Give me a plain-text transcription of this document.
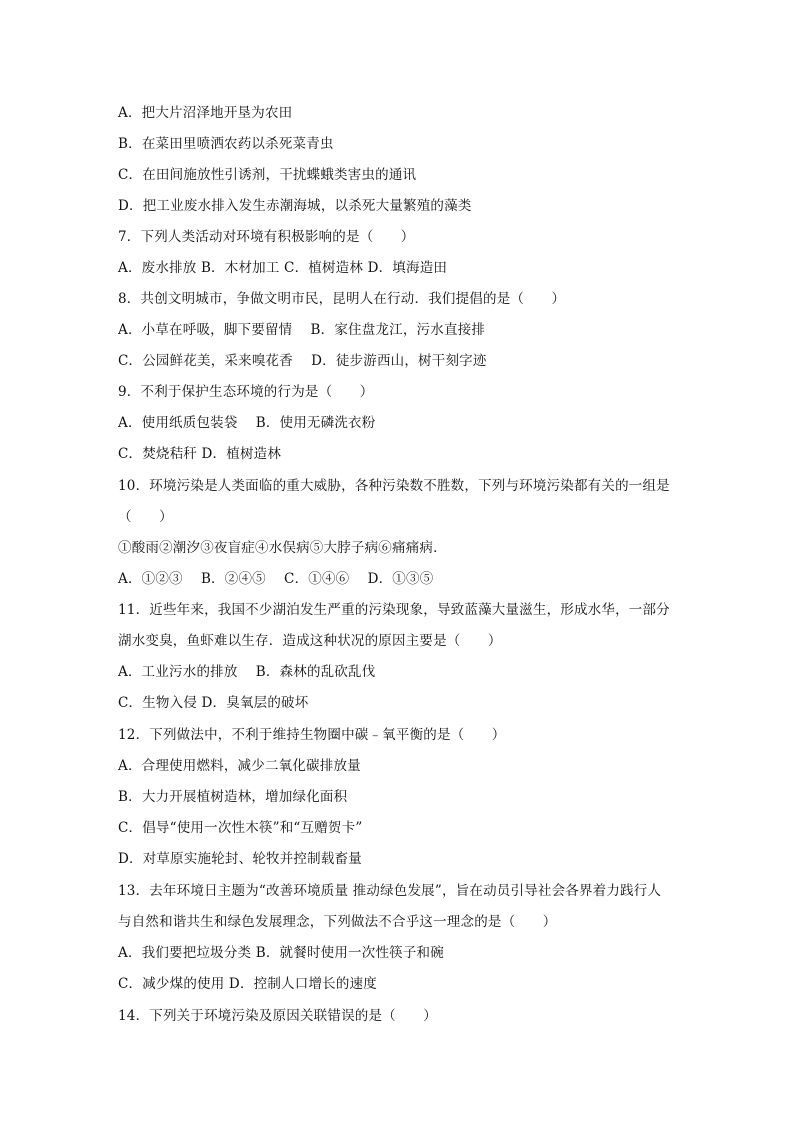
A．把大片沼泽地开垦为农田
B．在菜田里喷洒农药以杀死菜青虫
C．在田间施放性引诱剂，干扰蝶蛾类害虫的通讯
D．把工业废水排入发生赤潮海城，以杀死大量繁殖的藻类
7．下列人类活动对环境有积极影响的是（　　）
A．废水排放 B．木材加工 C．植树造林 D．填海造田
8．共创文明城市，争做文明市民，昆明人在行动．我们提倡的是（　　）
A．小草在呼吸，脚下要留情　 B．家住盘龙江，污水直接排
C．公园鲜花美，采来嗅花香　 D．徒步游西山，树干刻字迹
9．不利于保护生态环境的行为是（　　）
A．使用纸质包装袋　 B．使用无磷洗衣粉
C．焚烧秸秆 D．植树造林
10．环境污染是人类面临的重大威胁，各种污染数不胜数，下列与环境污染都有关的一组是
（　　）
①酸雨②潮汐③夜盲症④水俣病⑤大脖子病⑥痛痛病．
A．①②③　 B．②④⑤　 C．①④⑥　 D．①③⑤
11．近些年来，我国不少湖泊发生严重的污染现象，导致蓝藻大量滋生，形成水华，一部分
湖水变臭，鱼虾难以生存．造成这种状况的原因主要是（　　）
A．工业污水的排放　 B．森林的乱砍乱伐
C．生物入侵 D．臭氧层的破坏
12．下列做法中，不利于维持生物圈中碳﹣氧平衡的是（　　）
A．合理使用燃料，减少二氧化碳排放量
B．大力开展植树造林，增加绿化面积
C．倡导“使用一次性木筷”和“互赠贺卡”
D．对草原实施轮封、轮牧并控制载畜量
13．去年环境日主题为“改善环境质量 推动绿色发展”，旨在动员引导社会各界着力践行人
与自然和谐共生和绿色发展理念，下列做法不合乎这一理念的是（　　）
A．我们要把垃圾分类 B．就餐时使用一次性筷子和碗
C．减少煤的使用 D．控制人口增长的速度
14．下列关于环境污染及原因关联错误的是（　　）
